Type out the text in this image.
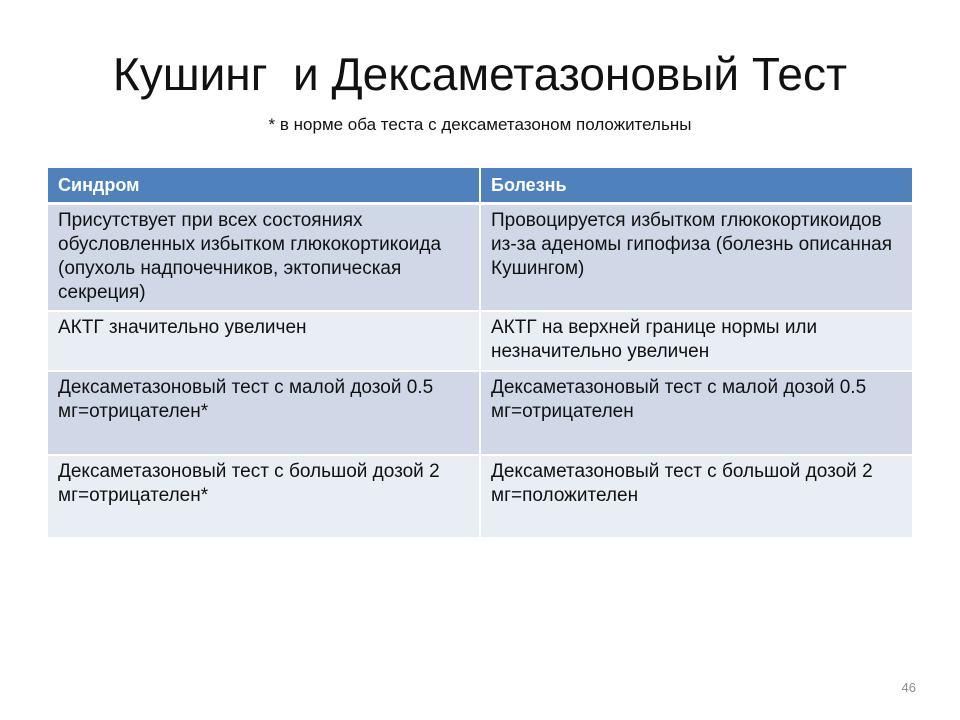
Кушинг  и Дексаметазоновый Тест
* в норме оба теста с дексаметазоном положительны
Синдром	Болезнь
Присутствует при всех состояниях обусловленных избытком глюкокортикоида (опухоль надпочечников, эктопическая секреция)	Провоцируется избытком глюкокортикоидов из-за аденомы гипофиза (болезнь описанная Кушингом)
АКТГ значительно увеличен	АКТГ на верхней границе нормы или незначительно увеличен
Дексаметазоновый тест с малой дозой 0.5 мг=отрицателен*	Дексаметазоновый тест с малой дозой 0.5 мг=отрицателен
Дексаметазоновый тест с большой дозой 2 мг=отрицателен*	Дексаметазоновый тест с большой дозой 2 мг=положителен
46
